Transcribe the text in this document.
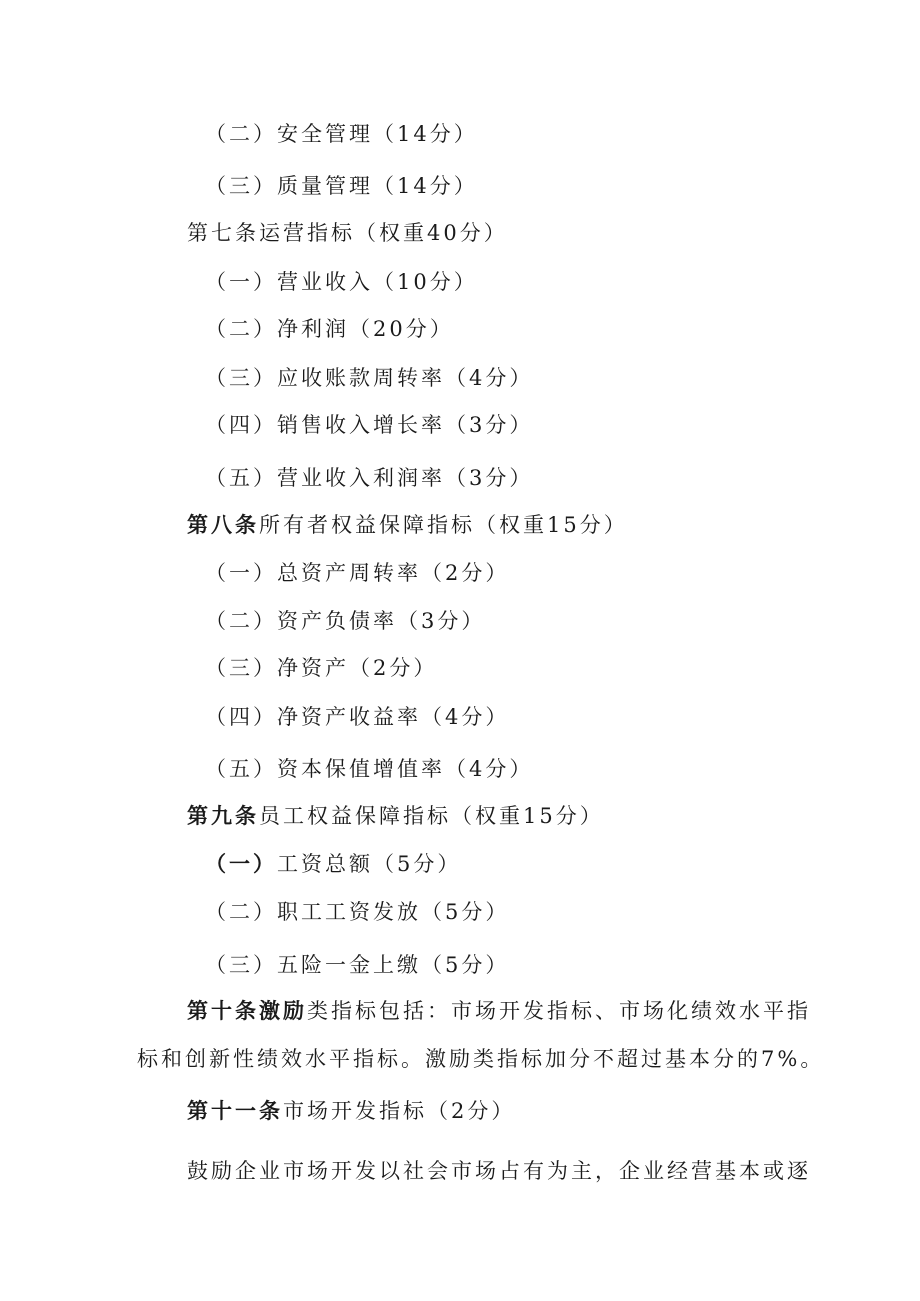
（二）安全管理（14分）
（三）质量管理（14分）
第七条运营指标（权重40分）
（一）营业收入（10分）
（二）净利润（20分）
（三）应收账款周转率（4分）
（四）销售收入增长率（3分）
（五）营业收入利润率（3分）
第八条所有者权益保障指标（权重15分）
（一）总资产周转率（2分）
（二）资产负债率（3分）
（三）净资产（2分）
（四）净资产收益率（4分）
（五）资本保值增值率（4分）
第九条员工权益保障指标（权重15分）
（一）工资总额（5分）
（二）职工工资发放（5分）
（三）五险一金上缴（5分）
第十条激励类指标包括：市场开发指标、市场化绩效水平指
标和创新性绩效水平指标。激励类指标加分不超过基本分的7%。
第十一条市场开发指标（2分）
鼓励企业市场开发以社会市场占有为主，企业经营基本或逐
